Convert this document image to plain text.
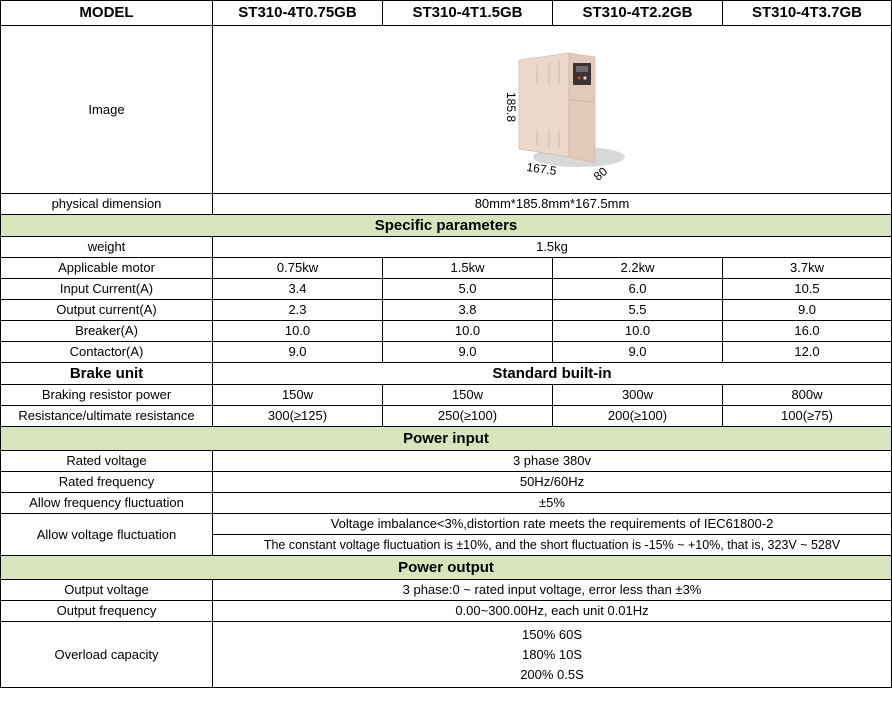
MODEL	ST310-4T0.75GB	ST310-4T1.5GB	ST310-4T2.2GB	ST310-4T3.7GB
Image	185.8
167.5 80			

physical dimension	80mm*185.8mm*167.5mm			
Specific parameters				
weight	1.5kg			
Applicable motor	0.75kw	1.5kw	2.2kw	3.7kw
Input Current(A)	3.4	5.0	6.0	10.5
Output current(A)	2.3	3.8	5.5	9.0
Breaker(A)	10.0	10.0	10.0	16.0
Contactor(A)	9.0	9.0	9.0	12.0
Brake unit	Standard built-in			
Braking resistor power	150w	150w	300w	800w
Resistance/ultimate resistance	300(≥125)	250(≥100)	200(≥100)	100(≥75)
Power input				
Rated voltage	3 phase 380v			
Rated frequency	50Hz/60Hz			
Allow frequency fluctuation	±5%			
Allow voltage fluctuation	Voltage imbalance<3%,distortion rate meets the requirements of IEC61800-2			
	The constant voltage fluctuation is ±10%, and the short fluctuation is -15% ~ +10%, that is, 323V ~ 528V			
Power output				
Output voltage	3 phase:0 ~ rated input voltage, error less than ±3%			
Output frequency	0.00~300.00Hz, each unit 0.01Hz			
Overload capacity	150% 60S
180% 10S
200% 0.5S			
